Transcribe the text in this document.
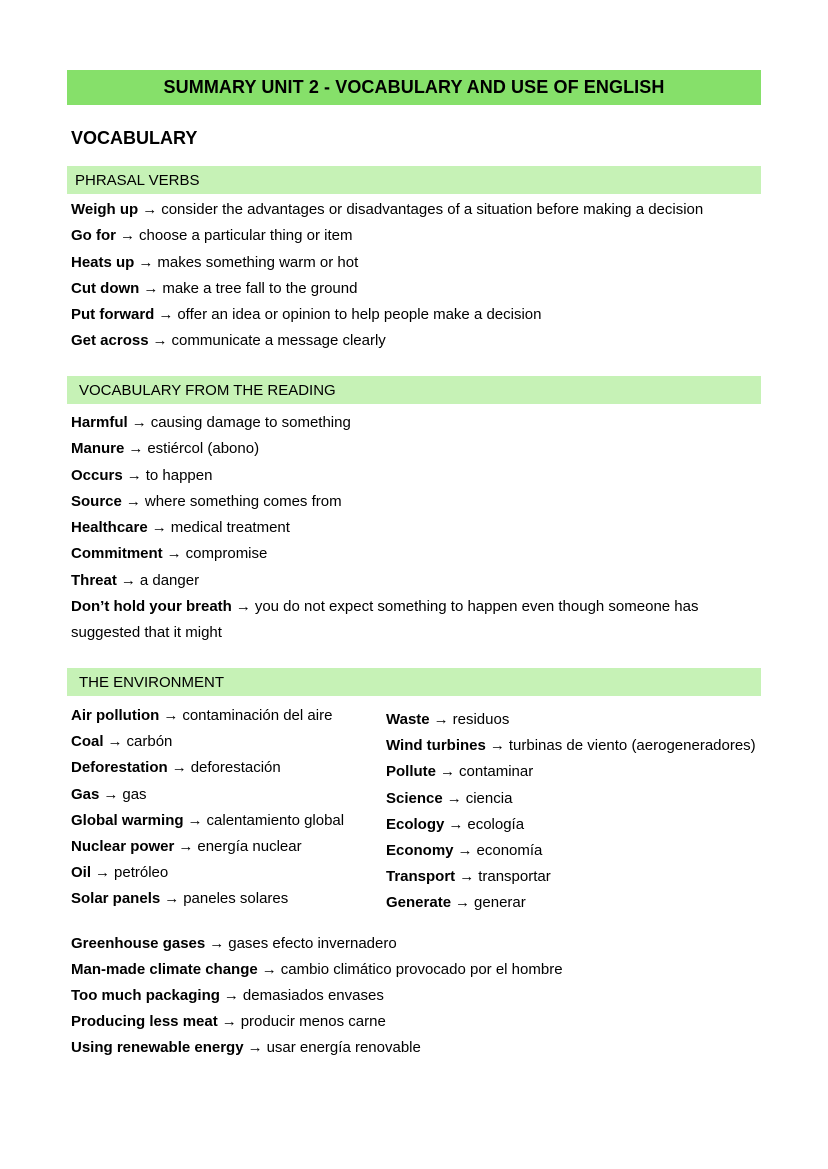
SUMMARY UNIT 2 - VOCABULARY AND USE OF ENGLISH
VOCABULARY
PHRASAL VERBS
Weigh up → consider the advantages or disadvantages of a situation before making a decision
Go for → choose a particular thing or item
Heats up → makes something warm or hot
Cut down → make a tree fall to the ground
Put forward → offer an idea or opinion to help people make a decision
Get across → communicate a message clearly
VOCABULARY FROM THE READING
Harmful → causing damage to something
Manure → estiércol (abono)
Occurs → to happen
Source → where something comes from
Healthcare → medical treatment
Commitment → compromise
Threat → a danger
Don’t hold your breath → you do not expect something to happen even though someone has suggested that it might
THE ENVIRONMENT
Air pollution → contaminación del aire
Coal → carbón
Deforestation → deforestación
Gas → gas
Global warming → calentamiento global
Nuclear power → energía nuclear
Oil → petróleo
Solar panels → paneles solares
Waste → residuos
Wind turbines → turbinas de viento (aerogeneradores)
Pollute → contaminar
Science → ciencia
Ecology → ecología
Economy → economía
Transport → transportar
Generate → generar
Greenhouse gases → gases efecto invernadero
Man-made climate change → cambio climático provocado por el hombre
Too much packaging → demasiados envases
Producing less meat → producir menos carne
Using renewable energy → usar energía renovable
